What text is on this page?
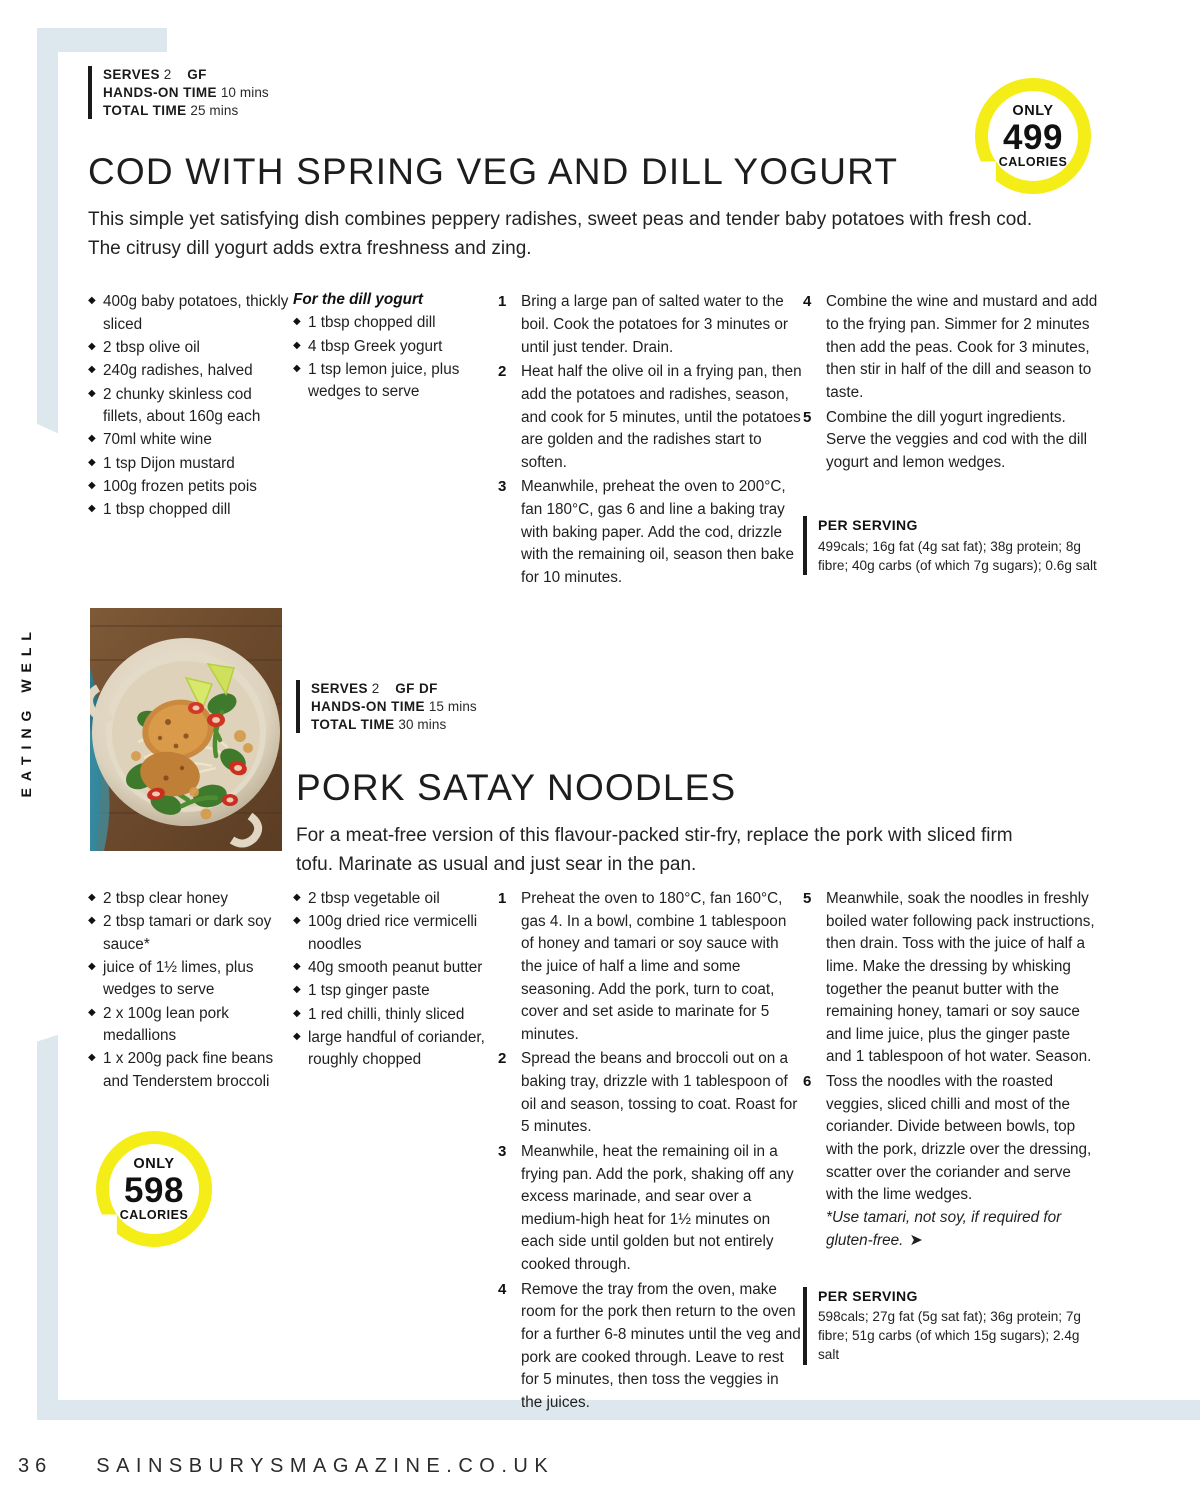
EATING WELL
SERVES 2 GF
HANDS-ON TIME 10 mins
TOTAL TIME 25 mins
COD WITH SPRING VEG AND DILL YOGURT

This simple yet satisfying dish combines peppery radishes, sweet peas and tender baby potatoes with fresh cod. The citrusy dill yogurt adds extra freshness and zing.

◆ 400g baby potatoes, thickly sliced
◆ 2 tbsp olive oil
◆ 240g radishes, halved
◆ 2 chunky skinless cod fillets, about 160g each
◆ 70ml white wine
◆ 1 tsp Dijon mustard
◆ 100g frozen petits pois
◆ 1 tbsp chopped dill
For the dill yogurt
◆ 1 tbsp chopped dill
◆ 4 tbsp Greek yogurt
◆ 1 tsp lemon juice, plus wedges to serve
Bring a large pan of salted water to the boil. Cook the potatoes for 3 minutes or until just tender. Drain.
Heat half the olive oil in a frying pan, then add the potatoes and radishes, season, and cook for 5 minutes, until the potatoes are golden and the radishes start to soften.
Meanwhile, preheat the oven to 200°C, fan 180°C, gas 6 and line a baking tray with baking paper. Add the cod, drizzle with the remaining oil, season then bake for 10 minutes.
Combine the wine and mustard and add to the frying pan. Simmer for 2 minutes then add the peas. Cook for 3 minutes, then stir in half of the dill and season to taste.
Combine the dill yogurt ingredients. Serve the veggies and cod with the dill yogurt and lemon wedges.
PER SERVING
499cals; 16g fat (4g sat fat); 38g protein; 8g fibre; 40g carbs (of which 7g sugars); 0.6g salt
ONLY
499
CALORIES
SERVES 2 GF DF
HANDS-ON TIME 15 mins
TOTAL TIME 30 mins
PORK SATAY NOODLES

For a meat-free version of this flavour-packed stir-fry, replace the pork with sliced firm tofu. Marinate as usual and just sear in the pan.

◆ 2 tbsp clear honey
◆ 2 tbsp tamari or dark soy sauce*
◆ juice of 1½ limes, plus wedges to serve
◆ 2 x 100g lean pork medallions
◆ 1 x 200g pack fine beans and Tenderstem broccoli
◆ 2 tbsp vegetable oil
◆ 100g dried rice vermicelli noodles
◆ 40g smooth peanut butter
◆ 1 tsp ginger paste
◆ 1 red chilli, thinly sliced
◆ large handful of coriander, roughly chopped
Preheat the oven to 180°C, fan 160°C, gas 4. In a bowl, combine 1 tablespoon of honey and tamari or soy sauce with the juice of half a lime and some seasoning. Add the pork, turn to coat, cover and set aside to marinate for 5 minutes.
Spread the beans and broccoli out on a baking tray, drizzle with 1 tablespoon of oil and season, tossing to coat. Roast for 5 minutes.
Meanwhile, heat the remaining oil in a frying pan. Add the pork, shaking off any excess marinade, and sear over a medium-high heat for 1½ minutes on each side until golden but not entirely cooked through.
Remove the tray from the oven, make room for the pork then return to the oven for a further 6-8 minutes until the veg and pork are cooked through. Leave to rest for 5 minutes, then toss the veggies in the juices.
Meanwhile, soak the noodles in freshly boiled water following pack instructions, then drain. Toss with the juice of half a lime. Make the dressing by whisking together the peanut butter with the remaining honey, tamari or soy sauce and lime juice, plus the ginger paste and 1 tablespoon of hot water. Season.
Toss the noodles with the roasted veggies, sliced chilli and most of the coriander. Divide between bowls, top with the pork, drizzle over the dressing, scatter over the coriander and serve with the lime wedges.
*Use tamari, not soy, if required for gluten-free. ➤
PER SERVING
598cals; 27g fat (5g sat fat); 36g protein; 7g fibre; 51g carbs (of which 15g sugars); 2.4g salt
ONLY
598
CALORIES
36 SAINSBURYSMAGAZINE.CO.UK
